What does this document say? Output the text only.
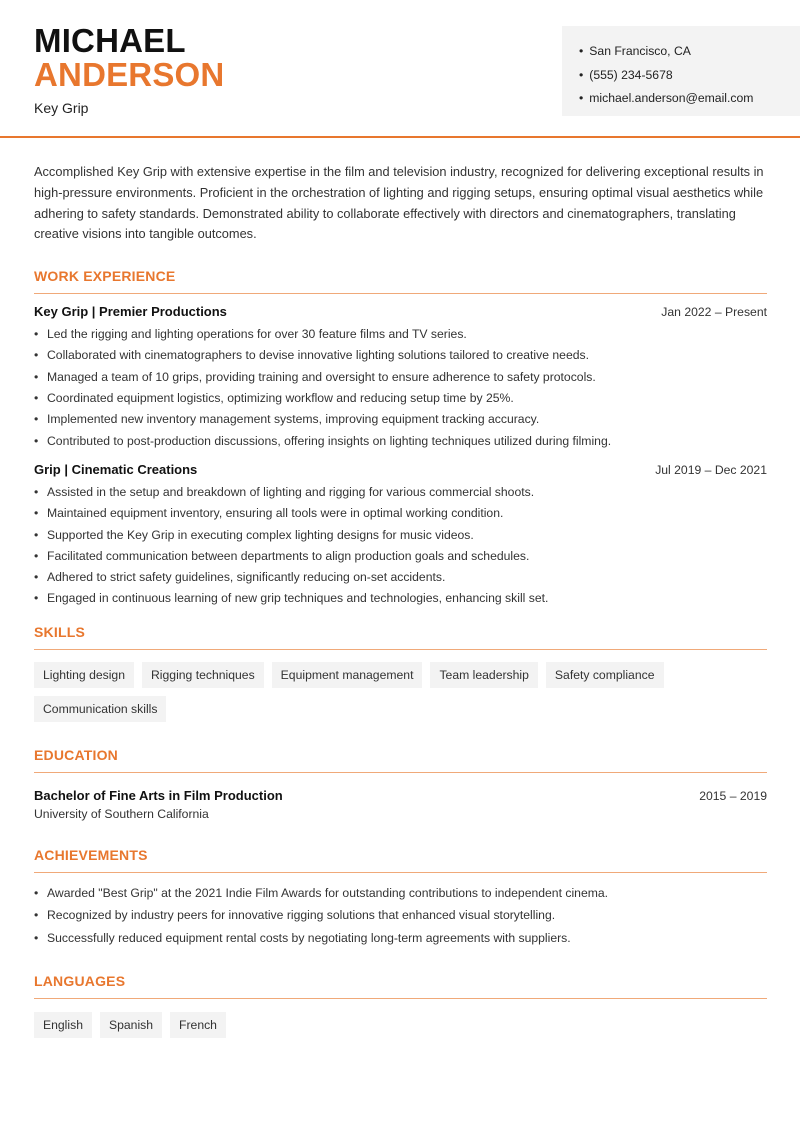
MICHAEL
ANDERSON
Key Grip
• San Francisco, CA
• (555) 234-5678
• michael.anderson@email.com

Accomplished Key Grip with extensive expertise in the film and television industry, recognized for delivering exceptional results in high-pressure environments. Proficient in the orchestration of lighting and rigging setups, ensuring optimal visual aesthetics while adhering to safety standards. Demonstrated ability to collaborate effectively with directors and cinematographers, translating creative visions into tangible outcomes.

WORK EXPERIENCE
Key Grip | Premier Productions	Jan 2022 – Present
• Led the rigging and lighting operations for over 30 feature films and TV series.
• Collaborated with cinematographers to devise innovative lighting solutions tailored to creative needs.
• Managed a team of 10 grips, providing training and oversight to ensure adherence to safety protocols.
• Coordinated equipment logistics, optimizing workflow and reducing setup time by 25%.
• Implemented new inventory management systems, improving equipment tracking accuracy.
• Contributed to post-production discussions, offering insights on lighting techniques utilized during filming.
Grip | Cinematic Creations	Jul 2019 – Dec 2021
• Assisted in the setup and breakdown of lighting and rigging for various commercial shoots.
• Maintained equipment inventory, ensuring all tools were in optimal working condition.
• Supported the Key Grip in executing complex lighting designs for music videos.
• Facilitated communication between departments to align production goals and schedules.
• Adhered to strict safety guidelines, significantly reducing on-set accidents.
• Engaged in continuous learning of new grip techniques and technologies, enhancing skill set.
SKILLS
Lighting design	Rigging techniques	Equipment management	Team leadership	Safety compliance
Communication skills
EDUCATION
Bachelor of Fine Arts in Film Production	2015 – 2019
University of Southern California
ACHIEVEMENTS
• Awarded "Best Grip" at the 2021 Indie Film Awards for outstanding contributions to independent cinema.
• Recognized by industry peers for innovative rigging solutions that enhanced visual storytelling.
• Successfully reduced equipment rental costs by negotiating long-term agreements with suppliers.
LANGUAGES
English	Spanish	French
